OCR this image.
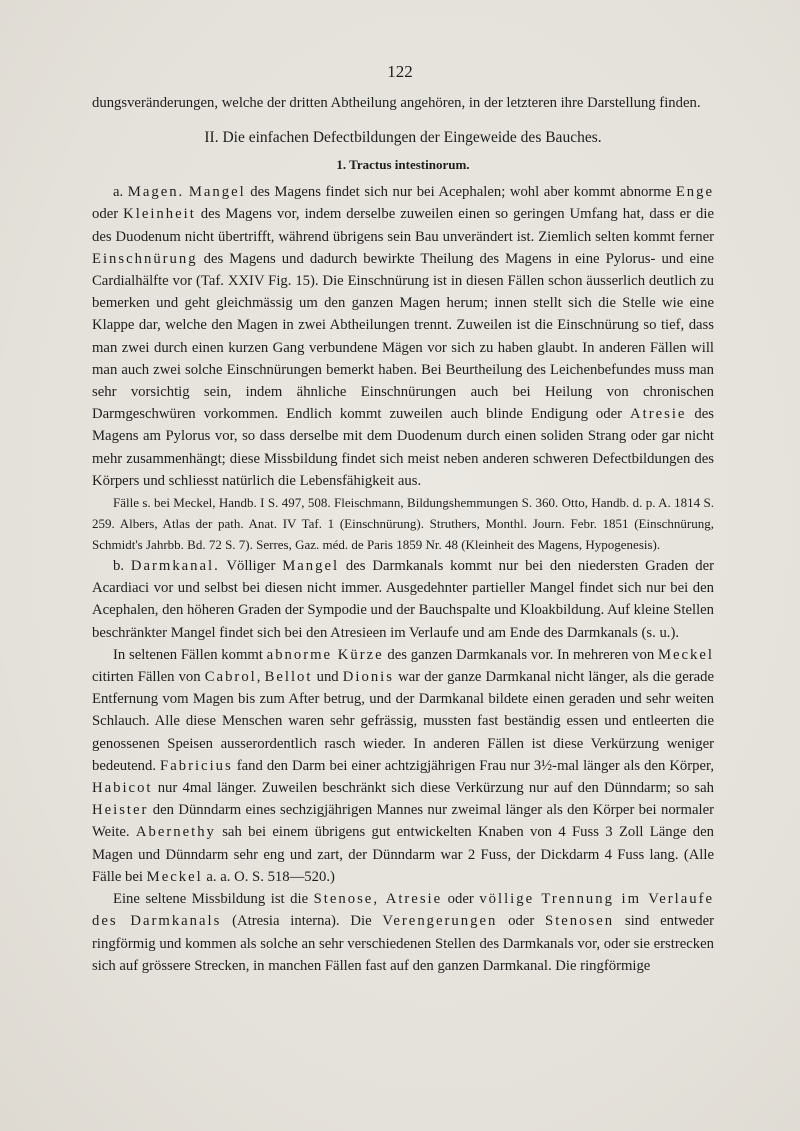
122

dungsveränderungen, welche der dritten Abtheilung angehören, in der letzteren ihre Darstellung finden.

II. Die einfachen Defectbildungen der Eingeweide des Bauches.
1. Tractus intestinorum.

a. Magen. Mangel des Magens findet sich nur bei Acephalen; wohl aber kommt abnorme Enge oder Kleinheit des Magens vor, indem derselbe zuweilen einen so geringen Umfang hat, dass er die des Duodenum nicht übertrifft, während übrigens sein Bau unverändert ist. Ziemlich selten kommt ferner Einschnürung des Magens und dadurch bewirkte Theilung des Magens in eine Pylorus- und eine Cardialhälfte vor (Taf. XXIV Fig. 15). Die Einschnürung ist in diesen Fällen schon äusserlich deutlich zu bemerken und geht gleichmässig um den ganzen Magen herum; innen stellt sich die Stelle wie eine Klappe dar, welche den Magen in zwei Abtheilungen trennt. Zuweilen ist die Einschnürung so tief, dass man zwei durch einen kurzen Gang verbundene Mägen vor sich zu haben glaubt. In anderen Fällen will man auch zwei solche Einschnürungen bemerkt haben. Bei Beurtheilung des Leichenbefundes muss man sehr vorsichtig sein, indem ähnliche Einschnürungen auch bei Heilung von chronischen Darmgeschwüren vorkommen. Endlich kommt zuweilen auch blinde Endigung oder Atresie des Magens am Pylorus vor, so dass derselbe mit dem Duodenum durch einen soliden Strang oder gar nicht mehr zusammenhängt; diese Missbildung findet sich meist neben anderen schweren Defectbildungen des Körpers und schliesst natürlich die Lebensfähigkeit aus.

Fälle s. bei Meckel, Handb. I S. 497, 508. Fleischmann, Bildungshemmungen S. 360. Otto, Handb. d. p. A. 1814 S. 259. Albers, Atlas der path. Anat. IV Taf. 1 (Einschnürung). Struthers, Monthl. Journ. Febr. 1851 (Einschnürung, Schmidt's Jahrbb. Bd. 72 S. 7). Serres, Gaz. méd. de Paris 1859 Nr. 48 (Kleinheit des Magens, Hypogenesis).

b. Darmkanal. Völliger Mangel des Darmkanals kommt nur bei den niedersten Graden der Acardiaci vor und selbst bei diesen nicht immer. Ausgedehnter partieller Mangel findet sich nur bei den Acephalen, den höheren Graden der Sympodie und der Bauchspalte und Kloakbildung. Auf kleine Stellen beschränkter Mangel findet sich bei den Atresieen im Verlaufe und am Ende des Darmkanals (s. u.).

In seltenen Fällen kommt abnorme Kürze des ganzen Darmkanals vor. In mehreren von Meckel citirten Fällen von Cabrol, Bellot und Dionis war der ganze Darmkanal nicht länger, als die gerade Entfernung vom Magen bis zum After betrug, und der Darmkanal bildete einen geraden und sehr weiten Schlauch. Alle diese Menschen waren sehr gefrässig, mussten fast beständig essen und entleerten die genossenen Speisen ausserordentlich rasch wieder. In anderen Fällen ist diese Verkürzung weniger bedeutend. Fabricius fand den Darm bei einer achtzigjährigen Frau nur 3½-mal länger als den Körper, Habicot nur 4mal länger. Zuweilen beschränkt sich diese Verkürzung nur auf den Dünndarm; so sah Heister den Dünndarm eines sechzigjährigen Mannes nur zweimal länger als den Körper bei normaler Weite. Abernethy sah bei einem übrigens gut entwickelten Knaben von 4 Fuss 3 Zoll Länge den Magen und Dünndarm sehr eng und zart, der Dünndarm war 2 Fuss, der Dickdarm 4 Fuss lang. (Alle Fälle bei Meckel a. a. O. S. 518—520.)

Eine seltene Missbildung ist die Stenose, Atresie oder völlige Trennung im Verlaufe des Darmkanals (Atresia interna). Die Verengerungen oder Stenosen sind entweder ringförmig und kommen als solche an sehr verschiedenen Stellen des Darmkanals vor, oder sie erstrecken sich auf grössere Strecken, in manchen Fällen fast auf den ganzen Darmkanal. Die ringförmige
